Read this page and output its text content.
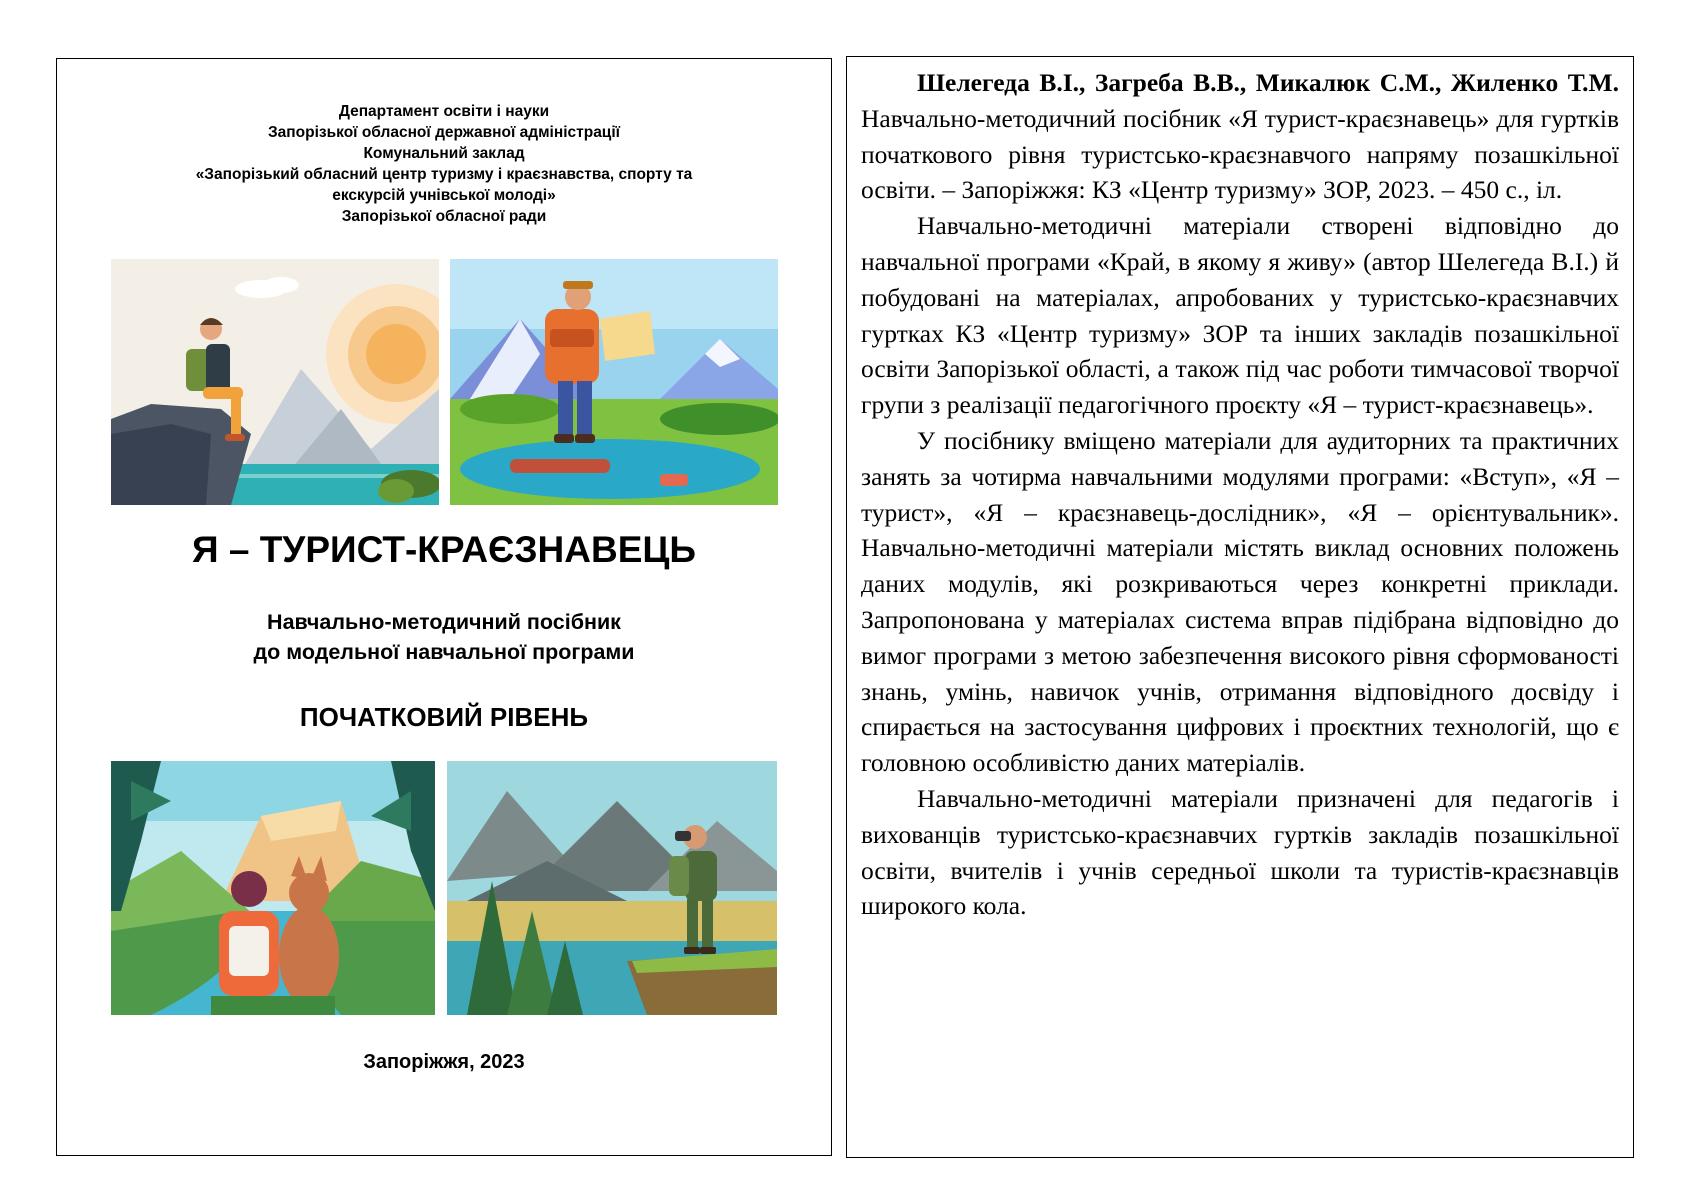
Департамент освіти і науки
Запорізької обласної державної адміністрації
Комунальний заклад
«Запорізький обласний центр туризму і краєзнавства, спорту та
екскурсій учнівської молоді»
Запорізької обласної ради
Я – ТУРИСТ-КРАЄЗНАВЕЦЬ
Навчально-методичний посібник
до модельної навчальної програми
ПОЧАТКОВИЙ РІВЕНЬ
Запоріжжя, 2023

Шелегеда В.І., Загреба В.В., Микалюк С.М., Жиленко Т.М. Навчально-методичний посібник «Я турист-краєзнавець» для гуртків початкового рівня туристсько-краєзнавчого напряму позашкільної освіти. – Запоріжжя: КЗ «Центр туризму» ЗОР, 2023. – 450 с., іл.

Навчально-методичні матеріали створені відповідно до навчальної програми «Край, в якому я живу» (автор Шелегеда В.І.) й побудовані на матеріалах, апробованих у туристсько-краєзнавчих гуртках КЗ «Центр туризму» ЗОР та інших закладів позашкільної освіти Запорізької області, а також під час роботи тимчасової творчої групи з реалізації педагогічного проєкту «Я – турист-краєзнавець».

У посібнику вміщено матеріали для аудиторних та практичних занять за чотирма навчальними модулями програми: «Вступ», «Я – турист», «Я – краєзнавець-дослідник», «Я – орієнтувальник». Навчально-методичні матеріали містять виклад основних положень даних модулів, які розкриваються через конкретні приклади. Запропонована у матеріалах система вправ підібрана відповідно до вимог програми з метою забезпечення високого рівня сформованості знань, умінь, навичок учнів, отримання відповідного досвіду і спирається на застосування цифрових і проєктних технологій, що є головною особливістю даних матеріалів.

Навчально-методичні матеріали призначені для педагогів і вихованців туристсько-краєзнавчих гуртків закладів позашкільної освіти, вчителів і учнів середньої школи та туристів-краєзнавців широкого кола.
